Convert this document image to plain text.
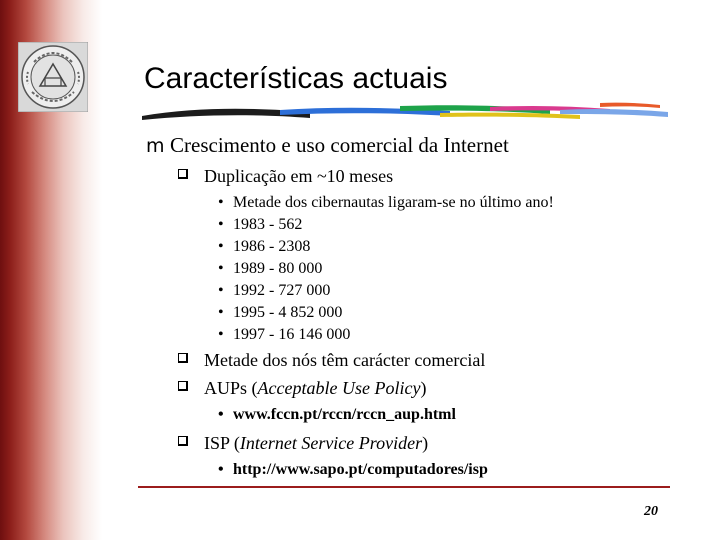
Características actuais
m Crescimento e uso comercial da Internet
Duplicação em ~10 meses
• Metade dos cibernautas ligaram-se no último ano!
• 1983 - 562
• 1986 - 2308
• 1989 - 80 000
• 1992 - 727 000
• 1995 - 4 852 000
• 1997 - 16 146 000
Metade dos nós têm carácter comercial
AUPs (Acceptable Use Policy)
• www.fccn.pt/rccn/rccn_aup.html
ISP (Internet Service Provider)
• http://www.sapo.pt/computadores/isp
20
